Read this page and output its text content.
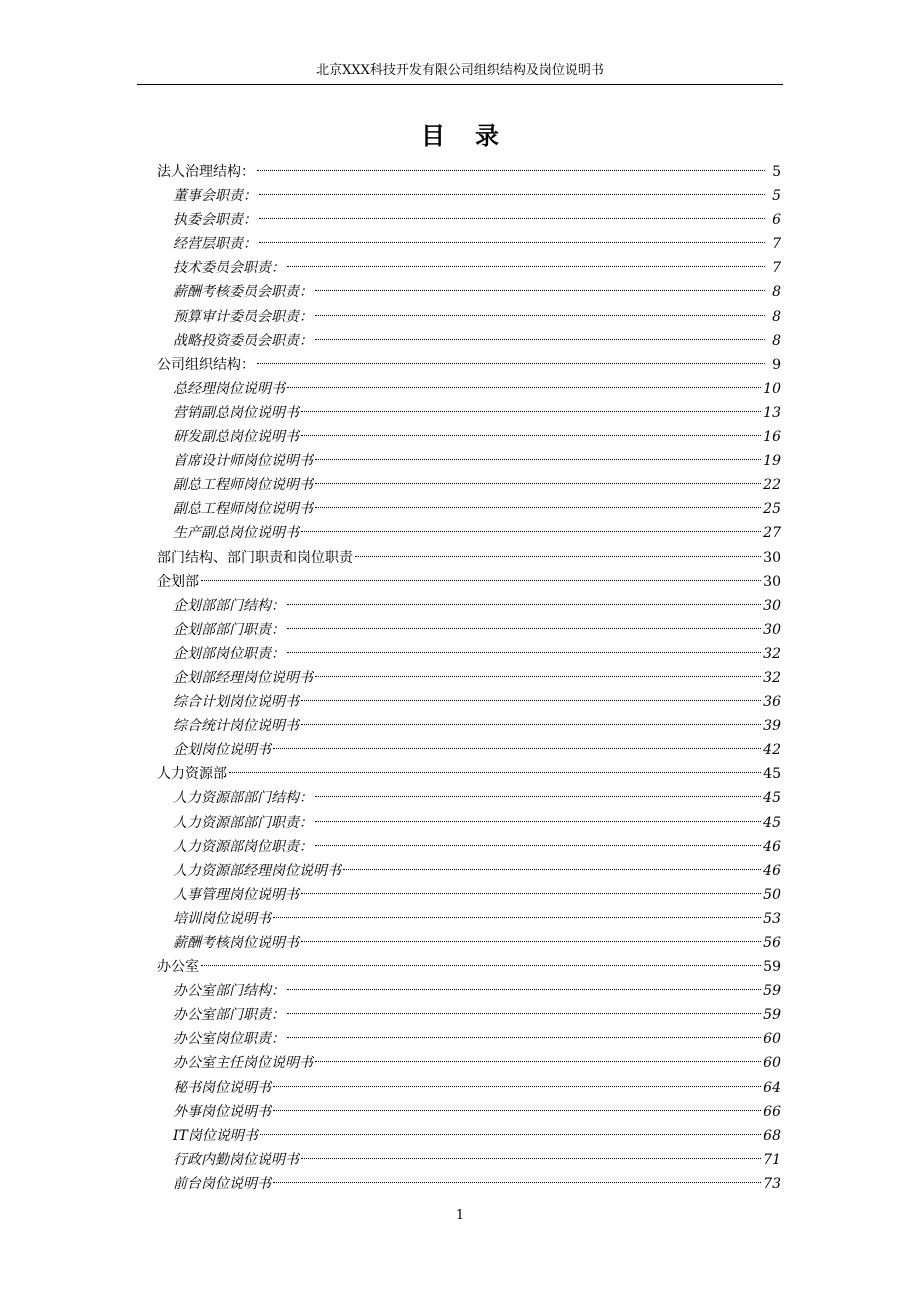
北京XXX科技开发有限公司组织结构及岗位说明书
目录
法人治理结构：	5
董事会职责：	5
执委会职责：	6
经营层职责：	7
技术委员会职责：	7
薪酬考核委员会职责：	8
预算审计委员会职责：	8
战略投资委员会职责：	8
公司组织结构：	9
总经理岗位说明书	10
营销副总岗位说明书	13
研发副总岗位说明书	16
首席设计师岗位说明书	19
副总工程师岗位说明书	22
副总工程师岗位说明书	25
生产副总岗位说明书	27
部门结构、部门职责和岗位职责	30
企划部	30
企划部部门结构：	30
企划部部门职责：	30
企划部岗位职责：	32
企划部经理岗位说明书	32
综合计划岗位说明书	36
综合统计岗位说明书	39
企划岗位说明书	42
人力资源部	45
人力资源部部门结构：	45
人力资源部部门职责：	45
人力资源部岗位职责：	46
人力资源部经理岗位说明书	46
人事管理岗位说明书	50
培训岗位说明书	53
薪酬考核岗位说明书	56
办公室	59
办公室部门结构：	59
办公室部门职责：	59
办公室岗位职责：	60
办公室主任岗位说明书	60
秘书岗位说明书	64
外事岗位说明书	66
IT岗位说明书	68
行政内勤岗位说明书	71
前台岗位说明书	73
1
